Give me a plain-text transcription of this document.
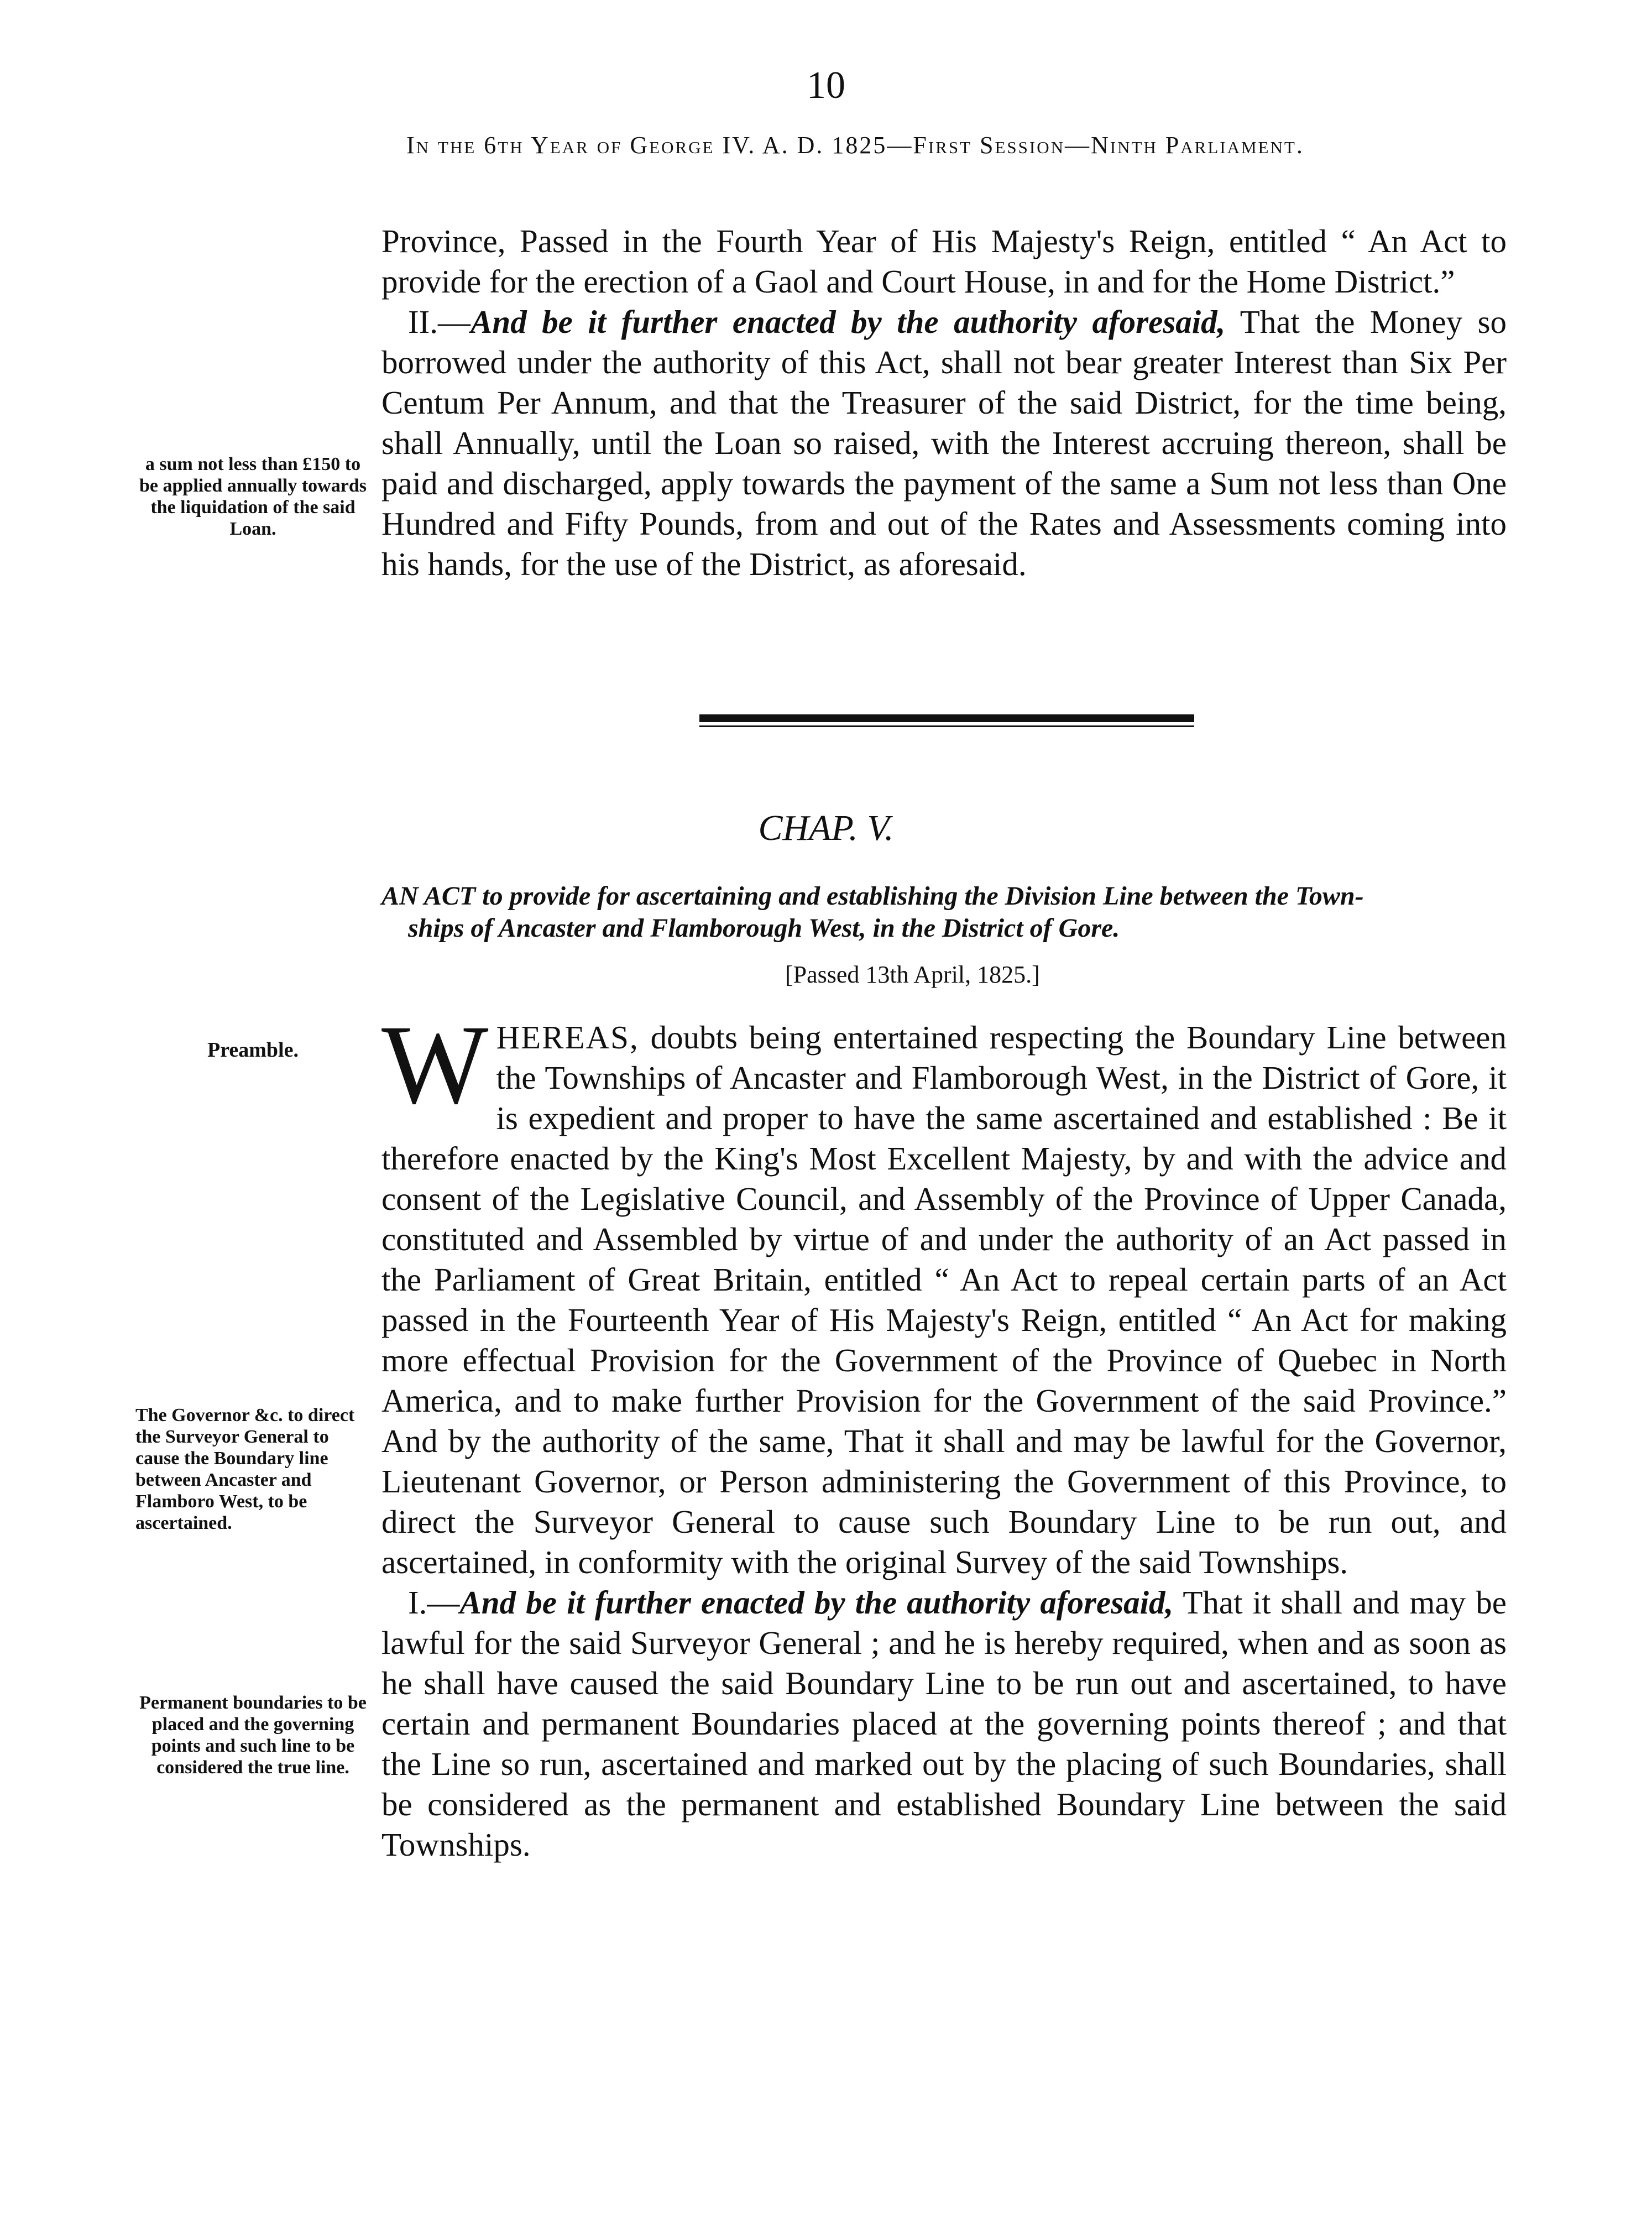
10
In the 6th Year of George IV. A. D. 1825—First Session—Ninth Parliament.

Province, Passed in the Fourth Year of His Majesty's Reign, entitled “ An Act to provide for the erection of a Gaol and Court House, in and for the Home District.”

II.—And be it further enacted by the authority aforesaid, That the Money so borrowed under the authority of this Act, shall not bear greater Interest than Six Per Centum Per Annum, and that the Treasurer of the said District, for the time being, shall Annually, until the Loan so raised, with the Interest accruing thereon, shall be paid and discharged, apply towards the payment of the same a Sum not less than One Hundred and Fifty Pounds, from and out of the Rates and Assessments coming into his hands, for the use of the District, as aforesaid.

a sum not less than £150 to be applied annually towards the liquidation of the said Loan.

CHAP. V.

AN ACT to provide for ascertaining and establishing the Division Line between the Town-
ships of Ancaster and Flamborough West, in the District of Gore.

[Passed 13th April, 1825.]

Preamble. WHEREAS, doubts being entertained respecting the Boundary Line between the Townships of Ancaster and Flamborough West, in the District of Gore, it is expedient and proper to have the same ascertained and established : Be it therefore enacted by the King's Most Excellent Majesty, by and with the advice and consent of the Legislative Council, and Assembly of the Province of Upper Canada, constituted and Assembled by virtue of and under the authority of an Act passed in the Parliament of Great Britain, entitled “ An Act to repeal certain parts of an Act passed in the Fourteenth Year of His Majesty's Reign, entitled “ An Act for making more effectual Provision for the Government of the Province of Quebec in North America, and to make further Provision for the Government of the said Province.” And by the authority of the same, That it shall and may be lawful for the Governor, Lieutenant Governor, or Person administering the Government of this Province, to direct the Surveyor General to cause such Boundary Line to be run out, and ascertained, in conformity with the original Survey of the said Townships.

I.—And be it further enacted by the authority aforesaid, That it shall and may be lawful for the said Surveyor General ; and he is hereby required, when and as soon as he shall have caused the said Boundary Line to be run out and ascertained, to have certain and permanent Boundaries placed at the governing points thereof ; and that the Line so run, ascertained and marked out by the placing of such Boundaries, shall be considered as the permanent and established Boundary Line between the said Townships.

The Governor &c. to direct the Surveyor General to cause the Boundary line between Ancaster and Flamboro West, to be ascertained.

Permanent boundaries to be placed and the governing points and such line to be considered the true line.
